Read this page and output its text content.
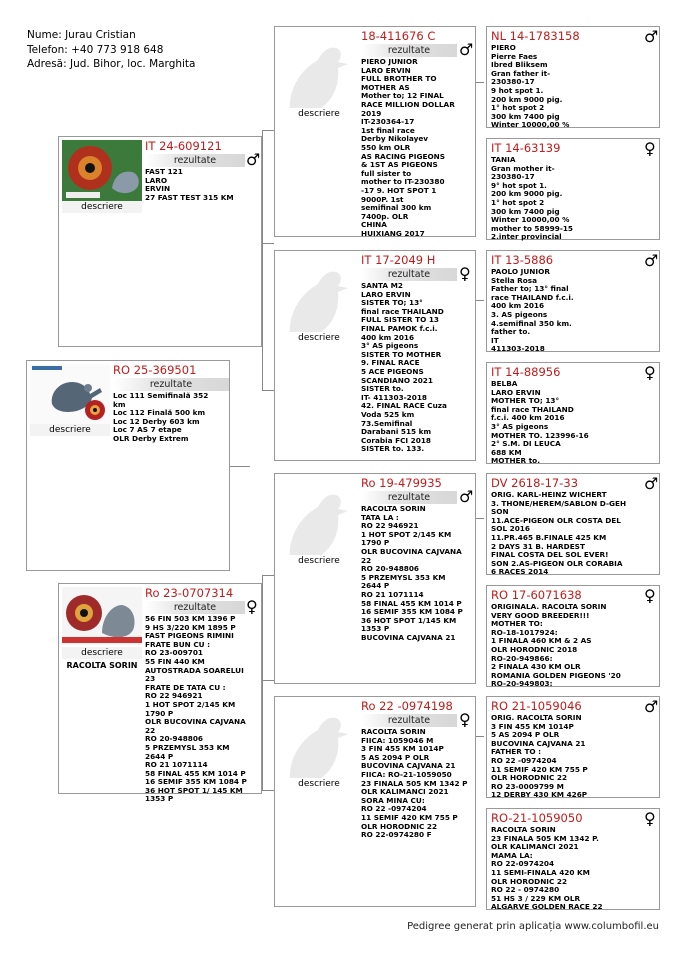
Nume: Jurau Cristian
Telefon: +40 773 918 648
Adresă: Jud. Bihor, loc. Marghita
descriere
RO 25-369501
rezultate
Loc 111 Semifinală 352
km
Loc 112 Finală 500 km
Loc 12 Derby 603 km
Loc 7 AS 7 etape
OLR Derby Extrem
descriere
IT 24-609121
rezultate	♂
FAST 121
LARO
ERVIN
27 FAST TEST 315 KM
descriere
RACOLTA SORIN
Ro 23-0707314
rezultate	♀
56 FIN 503 KM 1396 P
9 HS 3/220 KM 1895 P
FAST PIGEONS RIMINI
FRATE BUN CU :
RO 23-009701
55 FIN 440 KM
AUTOSTRADA SOARELUI
23
FRATE DE TATA CU :
RO 22 946921
1 HOT SPOT 2/145 KM
1790 P
OLR BUCOVINA CAJVANA
22
RO 20-948806
5 PRZEMYSL 353 KM
2644 P
RO 21 1071114
58 FINAL 455 KM 1014 P
16 SEMIF 355 KM 1084 P
36 HOT SPOT 1/ 145 KM
1353 P
descriere
18-411676 C
rezultate	♂
PIERO JUNIOR
LARO ERVIN
FULL BROTHER TO
MOTHER AS
Mother to; 12 FINAL
RACE MILLION DOLLAR
2019
IT-230364-17
1st final race
Derby Nikolayev
550 km OLR
AS RACING PIGEONS
& 1ST AS PIGEONS
full sister to
mother to IT-230380
-17 9. HOT SPOT 1
9000P. 1st
semifinal 300 km
7400p. OLR
CHINA
HUIXIANG 2017
descriere
IT 17-2049 H
rezultate	♀
SANTA M2
LARO ERVIN
SISTER TO; 13°
final race THAILAND
FULL SISTER TO 13
FINAL PAMOK f.c.i.
400 km 2016
3° AS pigeons
SISTER TO MOTHER
9. FINAL RACE
5 ACE PIGEONS
SCANDIANO 2021
SISTER to.
IT- 411303-2018
42. FINAL RACE Cuza
Voda 525 km
73.Semifinal
Darabani 515 km
Corabia FCI 2018
SISTER to. 133.
descriere
Ro 19-479935
rezultate	♂
RACOLTA SORIN
TATA LA :
RO 22 946921
1 HOT SPOT 2/145 KM
1790 P
OLR BUCOVINA CAJVANA
22
RO 20-948806
5 PRZEMYSL 353 KM
2644 P
RO 21 1071114
58 FINAL 455 KM 1014 P
16 SEMIF 355 KM 1084 P
36 HOT SPOT 1/145 KM
1353 P
BUCOVINA CAJVANA 21
descriere
Ro 22 -0974198
rezultate	♀
RACOLTA SORIN
FIICA: 1059046 M
3 FIN 455 KM 1014P
5 AS 2094 P OLR
BUCOVINA CAJVANA 21
FIICA: RO-21-1059050
23 FINALA 505 KM 1342 P
OLR KALIMANCI 2021
SORA MINA CU:
RO 22 -0974204
11 SEMIF 420 KM 755 P
OLR HORODNIC 22
RO 22-0974280 F
NL 14-1783158	♂
PIERO
Pierre Faes
Ibred Bliksem
Gran father it-
230380-17
9 hot spot 1.
200 km 9000 pig.
1° hot spot 2
300 km 7400 pig
Winter 10000,00 %
IT 14-63139	♀
TANIA
Gran mother it-
230380-17
9° hot spot 1.
200 km 9000 pig.
1° hot spot 2
300 km 7400 pig
Winter 10000,00 %
mother to 58999-15
2.inter provincial
IT 13-5886	♂
PAOLO JUNIOR
Stella Rosa
Father to; 13° final
race THAILAND f.c.i.
400 km 2016
3. AS pigeons
4.semifinal 350 km.
father to.
IT
411303-2018
IT 14-88956	♀
BELBA
LARO ERVIN
MOTHER TO; 13°
final race THAILAND
f.c.i. 400 km 2016
3° AS pigeons
MOTHER TO. 123996-16
2° S.M. DI LEUCA
688 KM
MOTHER to.
DV 2618-17-33	♂
ORIG. KARL-HEINZ WICHERT
3. THONE/HEREM/SABLON D-GEH
SON
11.ACE-PIGEON OLR COSTA DEL
SOL 2016
11.PR.465 B.FINALE 425 KM
2 DAYS 31 B. HARDEST
FINAL COSTA DEL SOL EVER!
SON 2.AS-PIGEON OLR CORABIA
6 RACES 2014
RO 17-6071638	♀
ORIGINALA. RACOLTA SORIN
VERY GOOD BREEDER!!!
MOTHER TO:
RO-18-1017924:
1 FINALA 460 KM & 2 AS
OLR HORODNIC 2018
RO-20-949866:
2 FINALA 430 KM OLR
ROMANIA GOLDEN PIGEONS '20
RO-20-949803:
RO 21-1059046	♂
ORIG. RACOLTA SORIN
3 FIN 455 KM 1014P
5 AS 2094 P OLR
BUCOVINA CAJVANA 21
FATHER TO :
RO 22 -0974204
11 SEMIF 420 KM 755 P
OLR HORODNIC 22
RO 23-0009799 M
12 DERBY 430 KM 426P
RO-21-1059050	♀
RACOLTA SORIN
23 FINALA 505 KM 1342 P.
OLR KALIMANCI 2021
MAMA LA:
RO 22-0974204
11 SEMI-FINALA 420 KM
OLR HORODNIC 22
RO 22 - 0974280
51 HS 3 / 229 KM OLR
ALGARVE GOLDEN RACE 22
Pedigree generat prin aplicația www.columbofil.eu
